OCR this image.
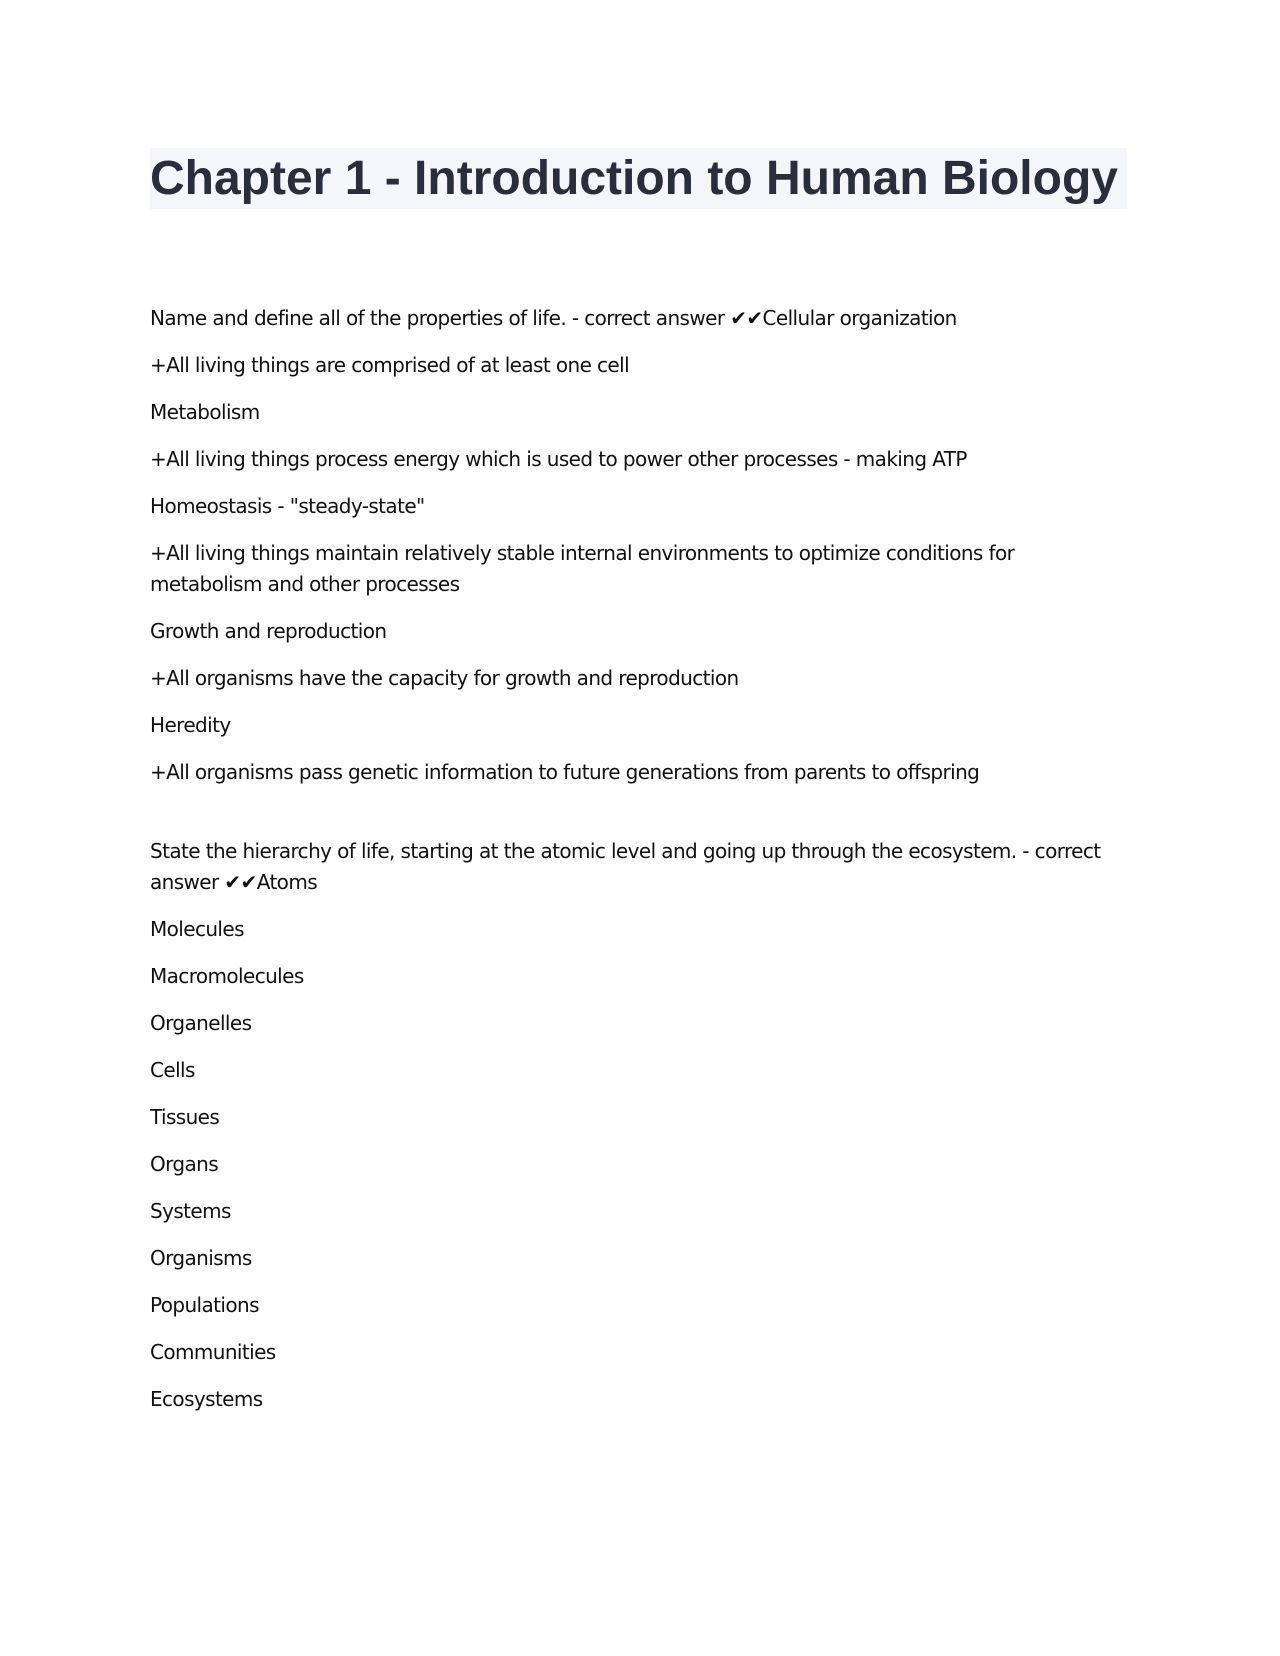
Chapter 1 - Introduction to Human Biology

Name and define all of the properties of life. - correct answer ✔✔Cellular organization

+All living things are comprised of at least one cell

Metabolism

+All living things process energy which is used to power other processes - making ATP

Homeostasis - "steady-state"

+All living things maintain relatively stable internal environments to optimize conditions for metabolism and other processes

Growth and reproduction

+All organisms have the capacity for growth and reproduction

Heredity

+All organisms pass genetic information to future generations from parents to offspring

State the hierarchy of life, starting at the atomic level and going up through the ecosystem. - correct answer ✔✔Atoms

Molecules

Macromolecules

Organelles

Cells

Tissues

Organs

Systems

Organisms

Populations

Communities

Ecosystems
